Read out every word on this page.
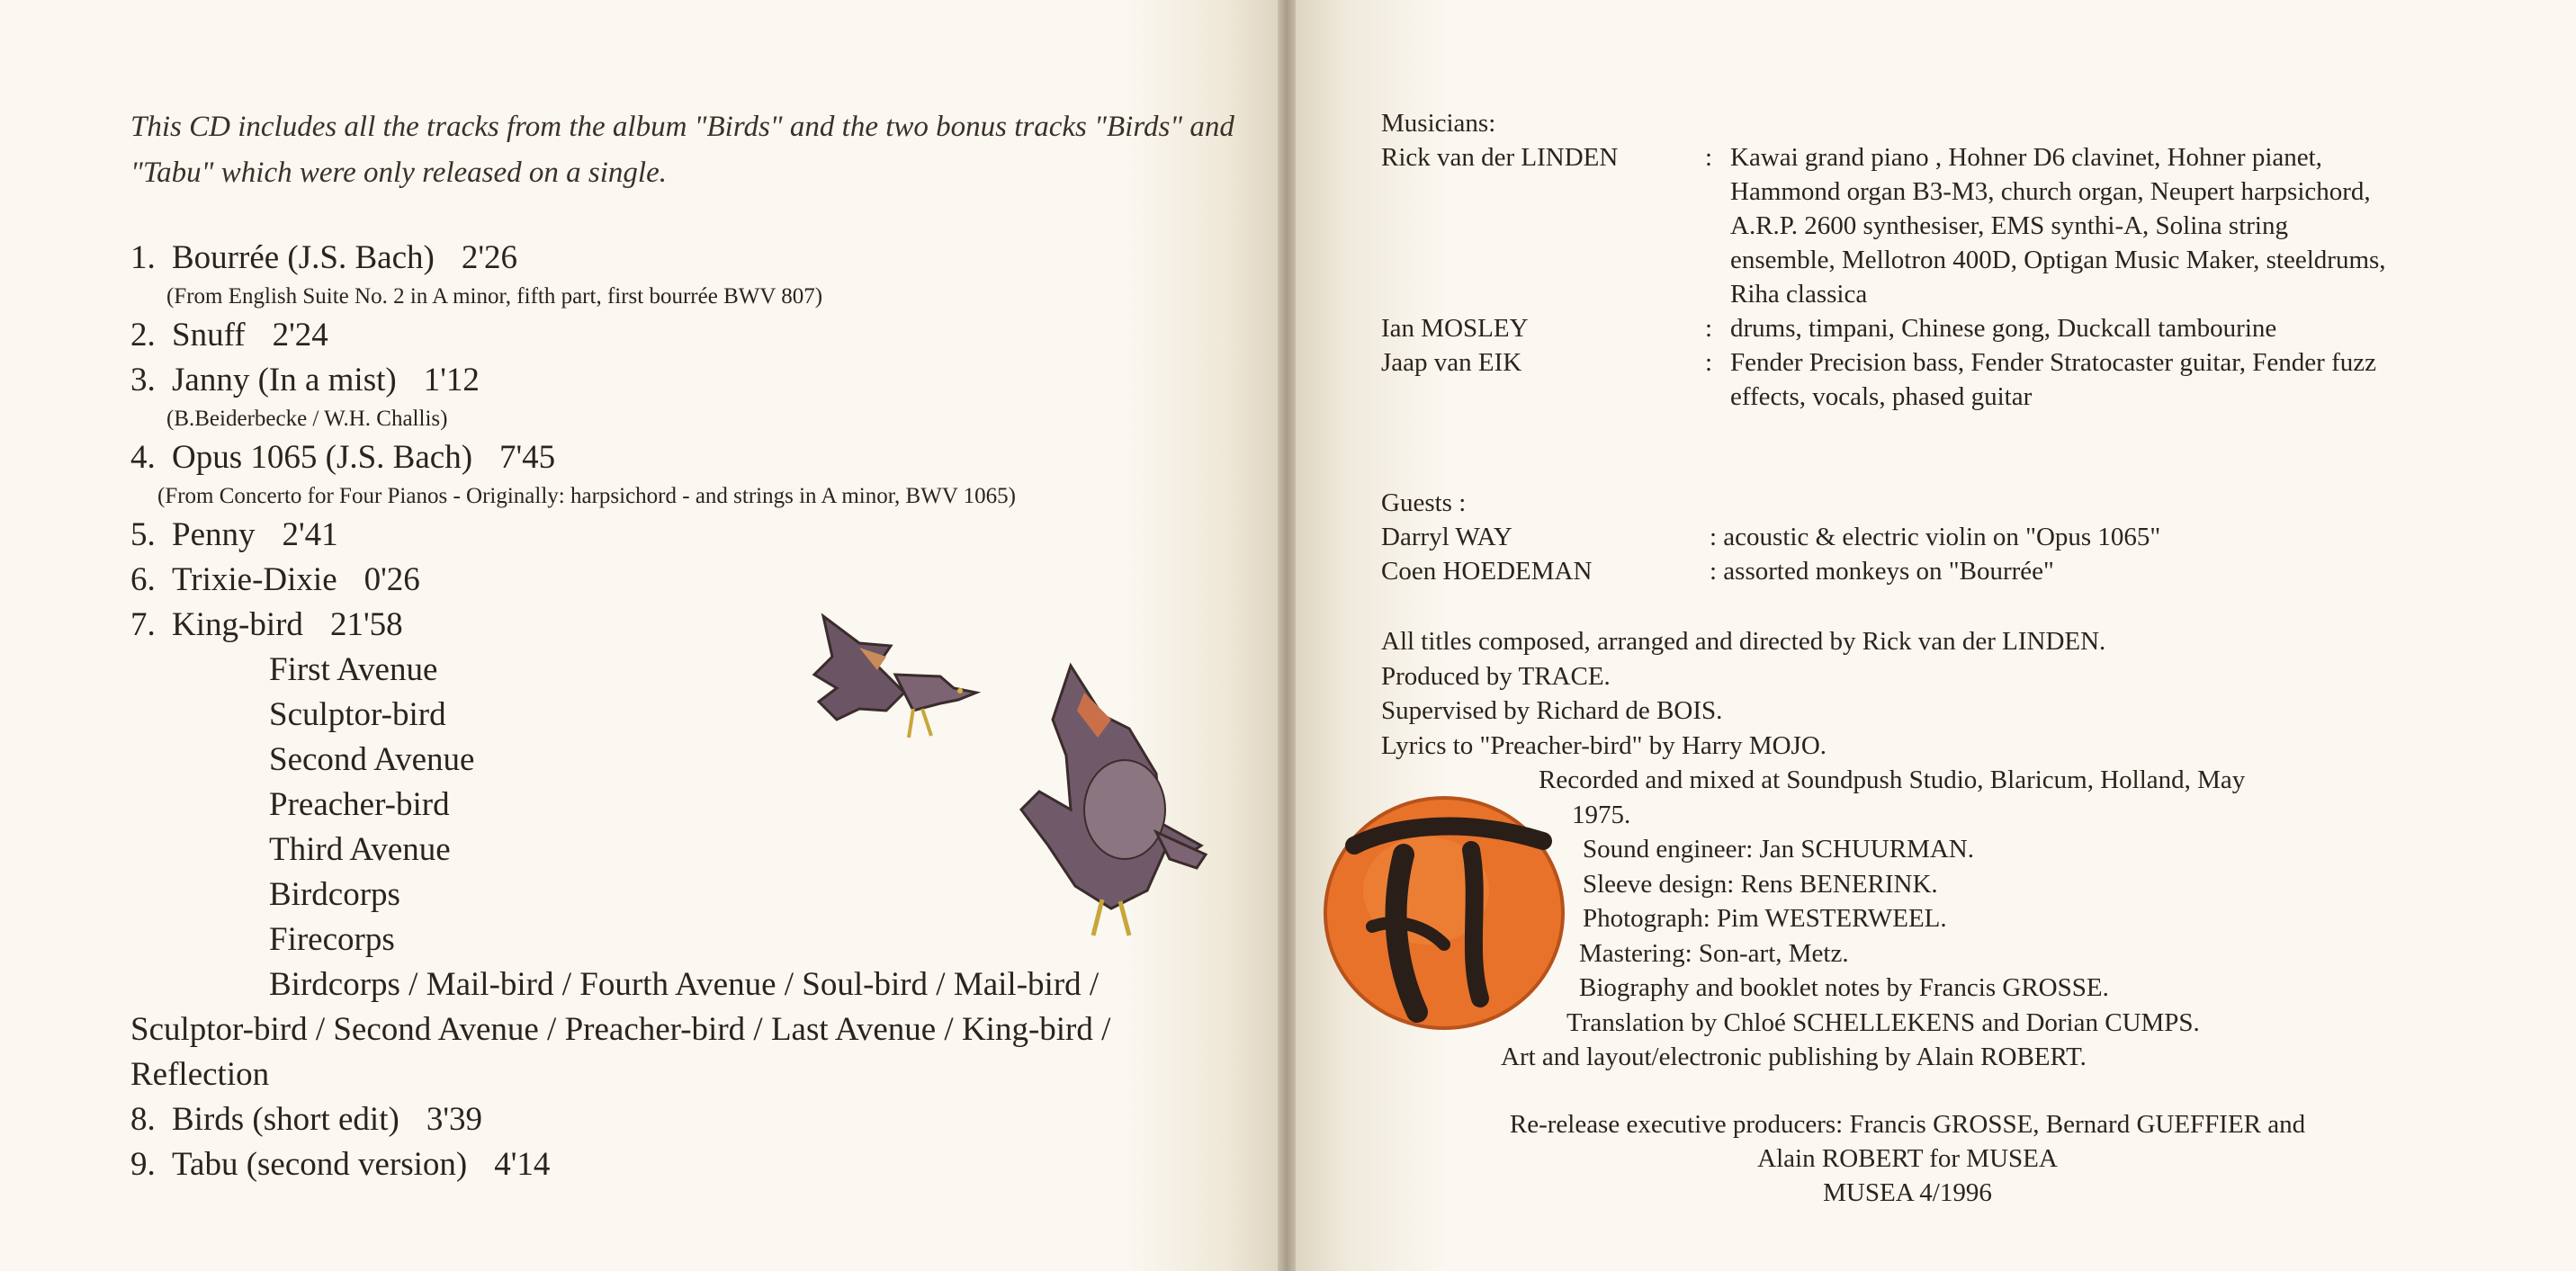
This CD includes all the tracks from the album "Birds" and the two bonus tracks "Birds" and "Tabu" which were only released on a single.
1. Bourrée (J.S. Bach) 2'26
(From English Suite No. 2 in A minor, fifth part, first bourrée BWV 807)
2. Snuff 2'24
3. Janny (In a mist) 1'12
(B.Beiderbecke / W.H. Challis)
4. Opus 1065 (J.S. Bach) 7'45
(From Concerto for Four Pianos - Originally: harpsichord - and strings in A minor, BWV 1065)
5. Penny 2'41
6. Trixie-Dixie 0'26
7. King-bird 21'58
First Avenue
Sculptor-bird
Second Avenue
Preacher-bird
Third Avenue
Birdcorps
Firecorps
Birdcorps / Mail-bird / Fourth Avenue / Soul-bird / Mail-bird / Sculptor-bird / Second Avenue / Preacher-bird / Last Avenue / King-bird / Reflection
8. Birds (short edit) 3'39
9. Tabu (second version) 4'14
Musicians:
Rick van der LINDEN	: Kawai grand piano , Hohner D6 clavinet, Hohner pianet, Hammond organ B3-M3, church organ, Neupert harpsichord, A.R.P. 2600 synthesiser, EMS synthi-A, Solina string ensemble, Mellotron 400D, Optigan Music Maker, steeldrums, Riha classica
Ian MOSLEY	: drums, timpani, Chinese gong, Duckcall tambourine
Jaap van EIK	: Fender Precision bass, Fender Stratocaster guitar, Fender fuzz effects, vocals, phased guitar
Guests :
Darryl WAY	: acoustic & electric violin on "Opus 1065"
Coen HOEDEMAN	: assorted monkeys on "Bourrée"
All titles composed, arranged and directed by Rick van der LINDEN.
Produced by TRACE.
Supervised by Richard de BOIS.
Lyrics to "Preacher-bird" by Harry MOJO.
Recorded and mixed at Soundpush Studio, Blaricum, Holland, May
1975.
Sound engineer: Jan SCHUURMAN.
Sleeve design: Rens BENERINK.
Photograph: Pim WESTERWEEL.
Mastering: Son-art, Metz.
Biography and booklet notes by Francis GROSSE.
Translation by Chloé SCHELLEKENS and Dorian CUMPS.
Art and layout/electronic publishing by Alain ROBERT.
Re-release executive producers: Francis GROSSE, Bernard GUEFFIER and
Alain ROBERT for MUSEA
MUSEA 4/1996
